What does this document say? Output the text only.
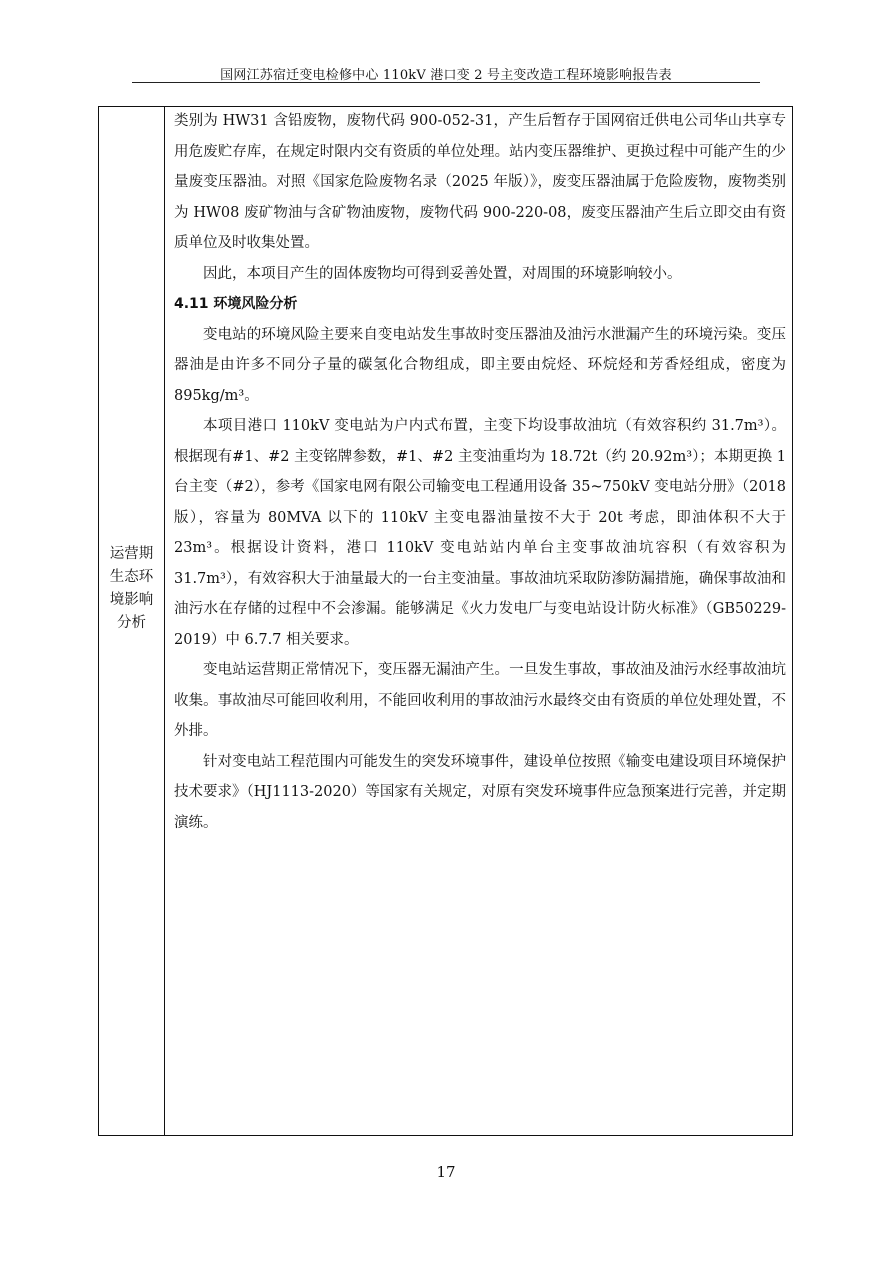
国网江苏宿迁变电检修中心 110kV 港口变 2 号主变改造工程环境影响报告表
运营期
生态环
境影响
分析

类别为 HW31 含铅废物，废物代码 900-052-31，产生后暂存于国网宿迁供电公司华山共享专用危废贮存库，在规定时限内交有资质的单位处理。站内变压器维护、更换过程中可能产生的少量废变压器油。对照《国家危险废物名录（2025 年版）》，废变压器油属于危险废物，废物类别为 HW08 废矿物油与含矿物油废物，废物代码 900-220-08，废变压器油产生后立即交由有资质单位及时收集处置。

因此，本项目产生的固体废物均可得到妥善处置，对周围的环境影响较小。

4.11 环境风险分析

变电站的环境风险主要来自变电站发生事故时变压器油及油污水泄漏产生的环境污染。变压器油是由许多不同分子量的碳氢化合物组成，即主要由烷烃、环烷烃和芳香烃组成，密度为 895kg/m³。

本项目港口 110kV 变电站为户内式布置，主变下均设事故油坑（有效容积约 31.7m³）。根据现有#1、#2 主变铭牌参数，#1、#2 主变油重均为 18.72t（约 20.92m³）；本期更换 1 台主变（#2），参考《国家电网有限公司输变电工程通用设备 35~750kV 变电站分册》（2018 版），容量为 80MVA 以下的 110kV 主变电器油量按不大于 20t 考虑，即油体积不大于 23m³。根据设计资料，港口 110kV 变电站站内单台主变事故油坑容积（有效容积为 31.7m³），有效容积大于油量最大的一台主变油量。事故油坑采取防渗防漏措施，确保事故油和油污水在存储的过程中不会渗漏。能够满足《火力发电厂与变电站设计防火标准》（GB50229-2019）中 6.7.7 相关要求。

变电站运营期正常情况下，变压器无漏油产生。一旦发生事故，事故油及油污水经事故油坑收集。事故油尽可能回收利用，不能回收利用的事故油污水最终交由有资质的单位处理处置，不外排。

针对变电站工程范围内可能发生的突发环境事件，建设单位按照《输变电建设项目环境保护技术要求》（HJ1113-2020）等国家有关规定，对原有突发环境事件应急预案进行完善，并定期演练。

17
